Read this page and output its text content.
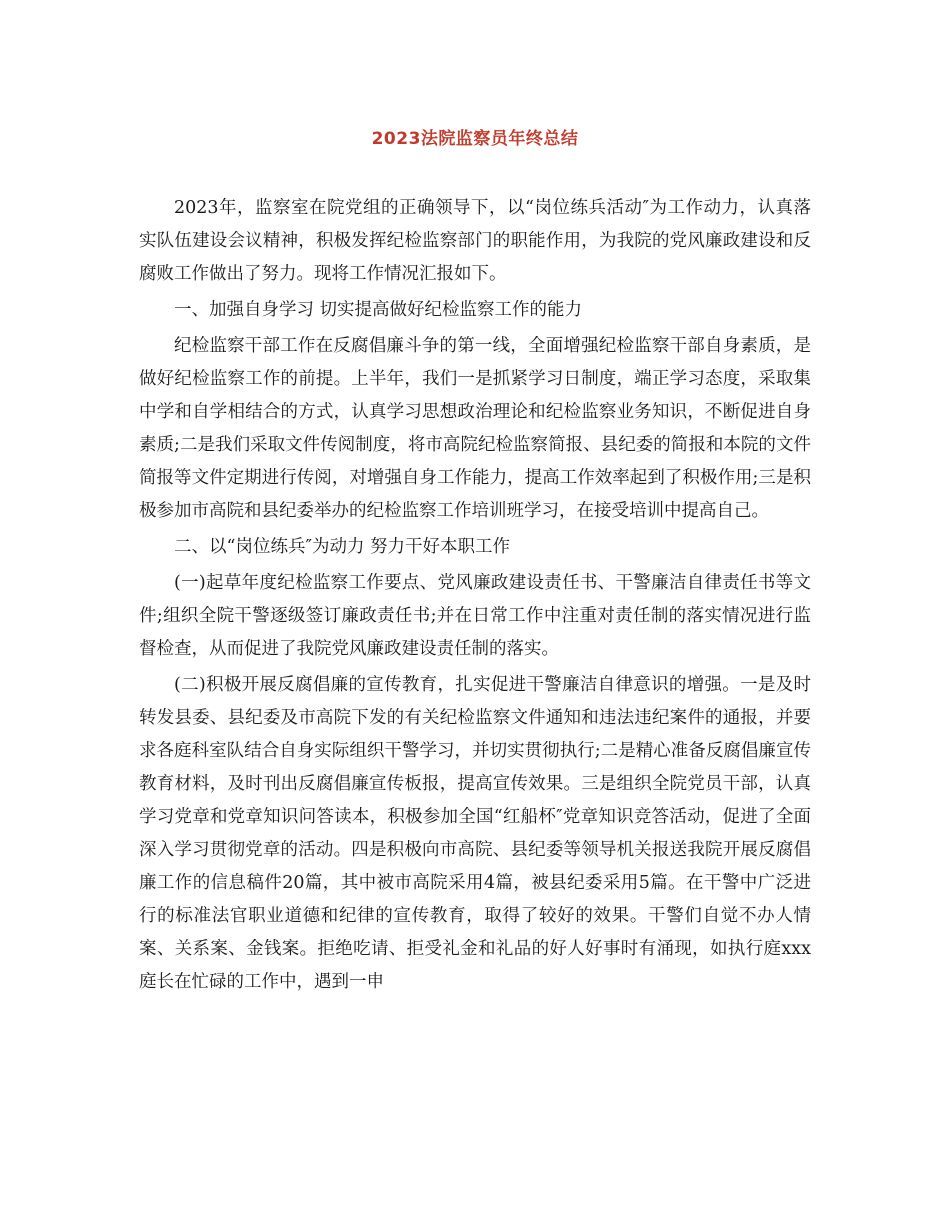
2023法院监察员年终总结

2023年，监察室在院党组的正确领导下，以“岗位练兵活动″为工作动力，认真落实队伍建设会议精神，积极发挥纪检监察部门的职能作用，为我院的党风廉政建设和反腐败工作做出了努力。现将工作情况汇报如下。

一、加强自身学习 切实提高做好纪检监察工作的能力

纪检监察干部工作在反腐倡廉斗争的第一线，全面增强纪检监察干部自身素质，是做好纪检监察工作的前提。上半年，我们一是抓紧学习日制度，端正学习态度，采取集中学和自学相结合的方式，认真学习思想政治理论和纪检监察业务知识，不断促进自身素质;二是我们采取文件传阅制度，将市高院纪检监察简报、县纪委的简报和本院的文件简报等文件定期进行传阅，对增强自身工作能力，提高工作效率起到了积极作用;三是积极参加市高院和县纪委举办的纪检监察工作培训班学习，在接受培训中提高自己。

二、以“岗位练兵″为动力 努力干好本职工作

(一)起草年度纪检监察工作要点、党风廉政建设责任书、干警廉洁自律责任书等文件;组织全院干警逐级签订廉政责任书;并在日常工作中注重对责任制的落实情况进行监督检查，从而促进了我院党风廉政建设责任制的落实。

(二)积极开展反腐倡廉的宣传教育，扎实促进干警廉洁自律意识的增强。一是及时转发县委、县纪委及市高院下发的有关纪检监察文件通知和违法违纪案件的通报，并要求各庭科室队结合自身实际组织干警学习，并切实贯彻执行;二是精心准备反腐倡廉宣传教育材料，及时刊出反腐倡廉宣传板报，提高宣传效果。三是组织全院党员干部，认真学习党章和党章知识问答读本，积极参加全国“红船杯″党章知识竞答活动，促进了全面深入学习贯彻党章的活动。四是积极向市高院、县纪委等领导机关报送我院开展反腐倡廉工作的信息稿件20篇，其中被市高院采用4篇，被县纪委采用5篇。在干警中广泛进行的标准法官职业道德和纪律的宣传教育，取得了较好的效果。干警们自觉不办人情案、关系案、金钱案。拒绝吃请、拒受礼金和礼品的好人好事时有涌现，如执行庭xxx庭长在忙碌的工作中，遇到一申
